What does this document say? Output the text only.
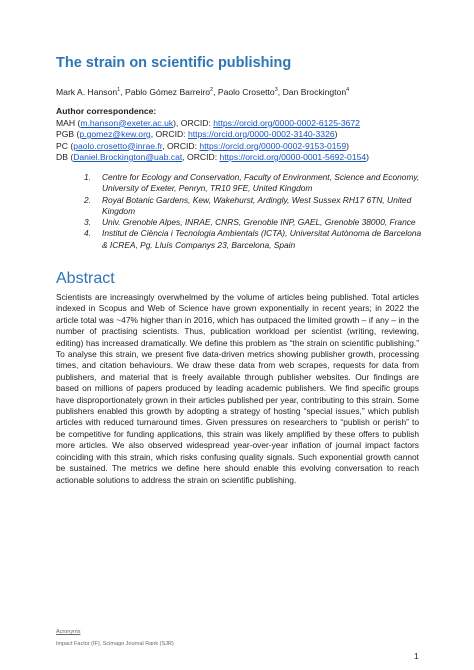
The strain on scientific publishing
Mark A. Hanson$^1$, Pablo Gómez Barreiro$^2$, Paolo Crosetto$^3$, Dan Brockington$^4$
Author correspondence:
MAH (m.hanson@exeter.ac.uk), ORCID: https://orcid.org/0000-0002-6125-3672
PGB (p.gomez@kew.org, ORCID: https://orcid.org/0000-0002-3140-3326)
PC (paolo.crosetto@inrae.fr, ORCID: https://orcid.org/0000-0002-9153-0159)
DB (Daniel.Brockington@uab.cat, ORCID: https://orcid.org/0000-0001-5692-0154)
1. Centre for Ecology and Conservation, Faculty of Environment, Science and Economy, University of Exeter, Penryn, TR10 9FE, United Kingdom
2. Royal Botanic Gardens, Kew, Wakehurst, Ardingly, West Sussex RH17 6TN, United Kingdom
3. Univ. Grenoble Alpes, INRAE, CNRS, Grenoble INP, GAEL, Grenoble 38000, France
4. Institut de Ciència i Tecnologia Ambientals (ICTA), Universitat Autònoma de Barcelona & ICREA, Pg. Lluís Companys 23, Barcelona, Spain
Abstract

Scientists are increasingly overwhelmed by the volume of articles being published. Total articles indexed in Scopus and Web of Science have grown exponentially in recent years; in 2022 the article total was ~47% higher than in 2016, which has outpaced the limited growth – if any – in the number of practising scientists. Thus, publication workload per scientist (writing, reviewing, editing) has increased dramatically. We define this problem as “the strain on scientific publishing.” To analyse this strain, we present five data-driven metrics showing publisher growth, processing times, and citation behaviours. We draw these data from web scrapes, requests for data from publishers, and material that is freely available through publisher websites. Our findings are based on millions of papers produced by leading academic publishers. We find specific groups have disproportionately grown in their articles published per year, contributing to this strain. Some publishers enabled this growth by adopting a strategy of hosting “special issues,” which publish articles with reduced turnaround times. Given pressures on researchers to “publish or perish” to be competitive for funding applications, this strain was likely amplified by these offers to publish more articles. We also observed widespread year-over-year inflation of journal impact factors coinciding with this strain, which risks confusing quality signals. Such exponential growth cannot be sustained. The metrics we define here should enable this evolving conversation to reach actionable solutions to address the strain on scientific publishing.

Acronyms
Impact Factor (IF), Scimago Journal Rank (SJR)
1
